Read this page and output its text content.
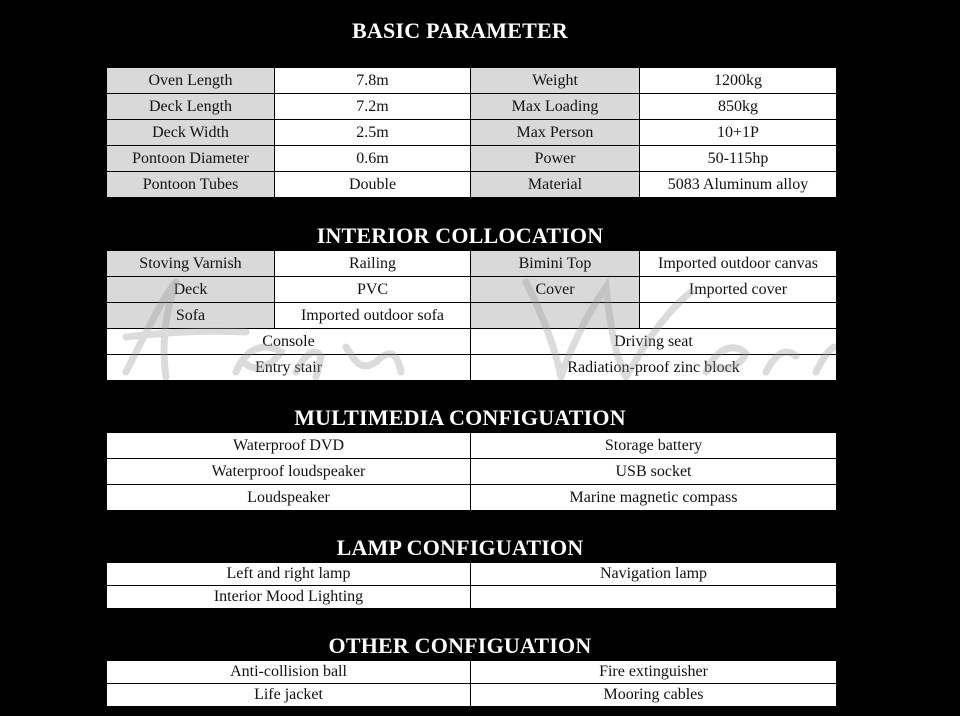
BASIC PARAMETER
Oven Length	7.8m	Weight	1200kg
Deck Length	7.2m	Max Loading	850kg
Deck Width	2.5m	Max Person	10+1P
Pontoon Diameter	0.6m	Power	50-115hp
Pontoon Tubes	Double	Material	5083 Aluminum alloy
INTERIOR COLLOCATION
Stoving Varnish	Railing	Bimini Top	Imported outdoor canvas
Deck	PVC	Cover	Imported cover
Sofa	Imported outdoor sofa		
Console		Driving seat	
Entry stair		Radiation-proof zinc block	
MULTIMEDIA CONFIGUATION
Waterproof DVD	Storage battery
Waterproof loudspeaker	USB socket
Loudspeaker	Marine magnetic compass
LAMP CONFIGUATION
Left and right lamp	Navigation lamp
Interior Mood Lighting	
OTHER CONFIGUATION
Anti-collision ball	Fire extinguisher
Life jacket	Mooring cables
